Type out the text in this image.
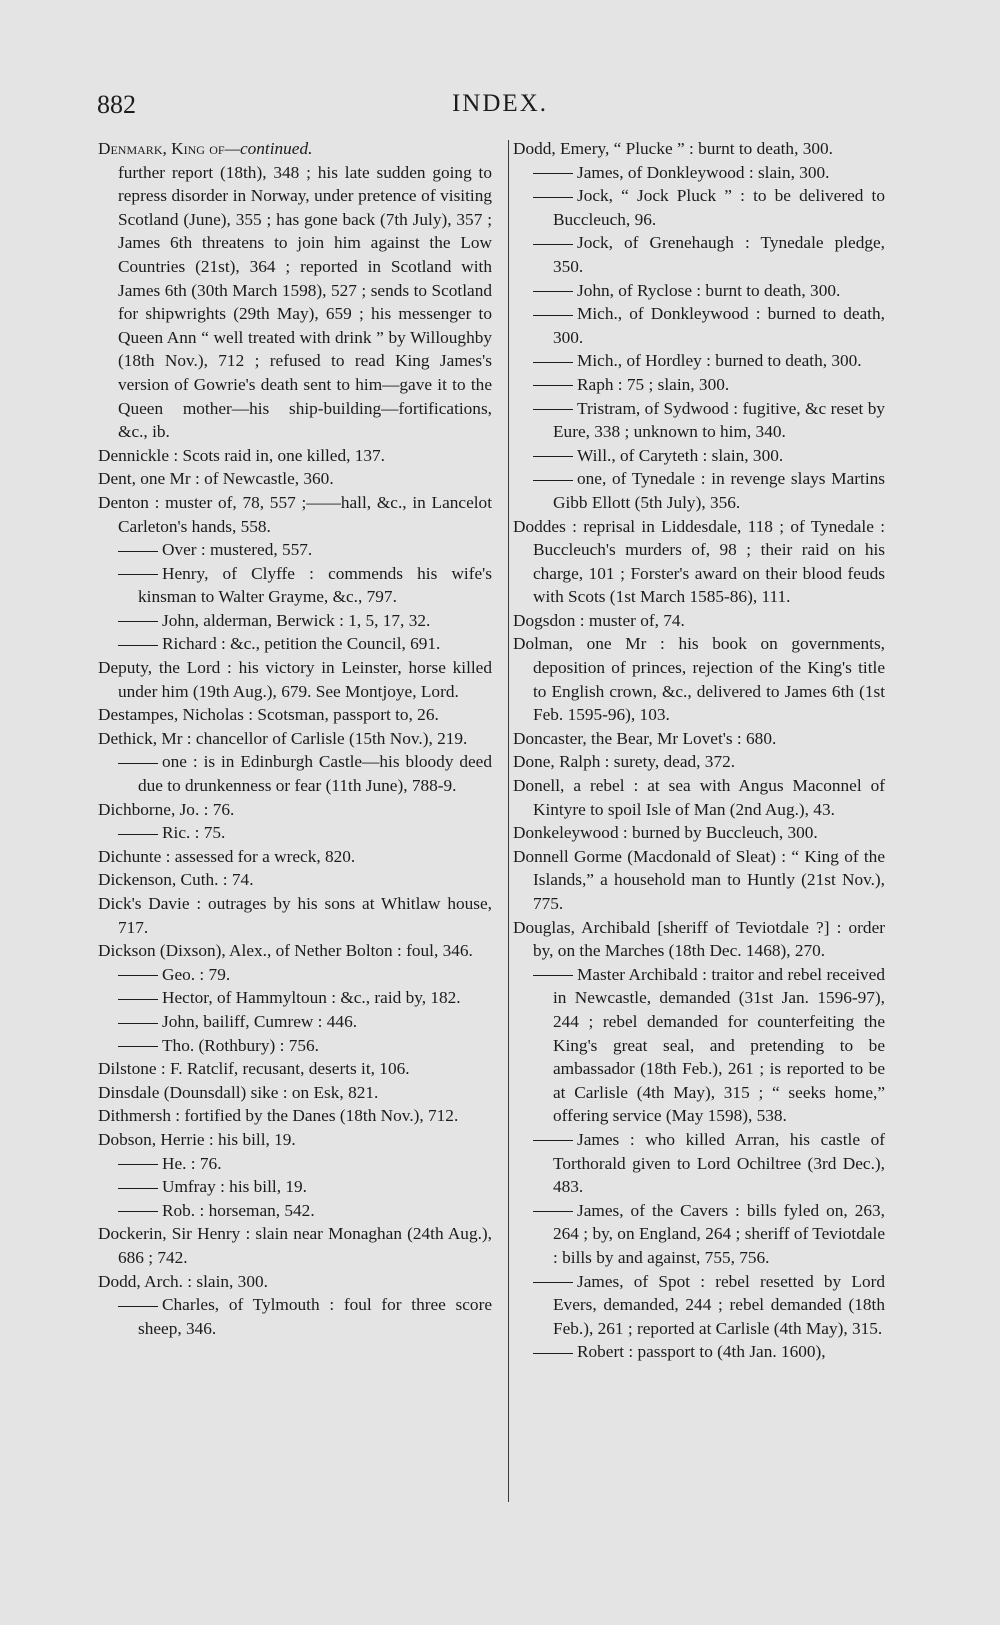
INDEX.
882
Denmark, King of—continued.
further report (18th), 348 ; his late sudden going to repress disorder in Norway, under pretence of visiting Scotland (June), 355 ; has gone back (7th July), 357 ; James 6th threatens to join him against the Low Countries (21st), 364 ; reported in Scotland with James 6th (30th March 1598), 527 ; sends to Scotland for shipwrights (29th May), 659 ; his messenger to Queen Ann “ well treated with drink ” by Willoughby (18th Nov.), 712 ; refused to read King James's version of Gowrie's death sent to him—gave it to the Queen mother—his ship-building—fortifications, &c., ib.
Dennickle : Scots raid in, one killed, 137.
Dent, one Mr : of Newcastle, 360.
Denton : muster of, 78, 557 ;——hall, &c., in Lancelot Carleton's hands, 558.
Over : mustered, 557.
Henry, of Clyffe : commends his wife's kinsman to Walter Grayme, &c., 797.
John, alderman, Berwick : 1, 5, 17, 32.
Richard : &c., petition the Council, 691.
Deputy, the Lord : his victory in Leinster, horse killed under him (19th Aug.), 679. See Montjoye, Lord.
Destampes, Nicholas : Scotsman, passport to, 26.
Dethick, Mr : chancellor of Carlisle (15th Nov.), 219.
one : is in Edinburgh Castle—his bloody deed due to drunkenness or fear (11th June), 788-9.
Dichborne, Jo. : 76.
Ric. : 75.
Dichunte : assessed for a wreck, 820.
Dickenson, Cuth. : 74.
Dick's Davie : outrages by his sons at Whitlaw house, 717.
Dickson (Dixson), Alex., of Nether Bolton : foul, 346.
Geo. : 79.
Hector, of Hammyltoun : &c., raid by, 182.
John, bailiff, Cumrew : 446.
Tho. (Rothbury) : 756.
Dilstone : F. Ratclif, recusant, deserts it, 106.
Dinsdale (Dounsdall) sike : on Esk, 821.
Dithmersh : fortified by the Danes (18th Nov.), 712.
Dobson, Herrie : his bill, 19.
He. : 76.
Umfray : his bill, 19.
Rob. : horseman, 542.
Dockerin, Sir Henry : slain near Monaghan (24th Aug.), 686 ; 742.
Dodd, Arch. : slain, 300.
Charles, of Tylmouth : foul for three score sheep, 346.
Dodd, Emery, “ Plucke ” : burnt to death, 300.
James, of Donkleywood : slain, 300.
Jock, “ Jock Pluck ” : to be delivered to Buccleuch, 96.
Jock, of Grenehaugh : Tynedale pledge, 350.
John, of Ryclose : burnt to death, 300.
Mich., of Donkleywood : burned to death, 300.
Mich., of Hordley : burned to death, 300.
Raph : 75 ; slain, 300.
Tristram, of Sydwood : fugitive, &c reset by Eure, 338 ; unknown to him, 340.
Will., of Caryteth : slain, 300.
one, of Tynedale : in revenge slays Martins Gibb Ellott (5th July), 356.
Doddes : reprisal in Liddesdale, 118 ; of Tynedale : Buccleuch's murders of, 98 ; their raid on his charge, 101 ; Forster's award on their blood feuds with Scots (1st March 1585-86), 111.
Dogsdon : muster of, 74.
Dolman, one Mr : his book on governments, deposition of princes, rejection of the King's title to English crown, &c., delivered to James 6th (1st Feb. 1595-96), 103.
Doncaster, the Bear, Mr Lovet's : 680.
Done, Ralph : surety, dead, 372.
Donell, a rebel : at sea with Angus Maconnel of Kintyre to spoil Isle of Man (2nd Aug.), 43.
Donkeleywood : burned by Buccleuch, 300.
Donnell Gorme (Macdonald of Sleat) : “ King of the Islands,” a household man to Huntly (21st Nov.), 775.
Douglas, Archibald [sheriff of Teviotdale ?] : order by, on the Marches (18th Dec. 1468), 270.
Master Archibald : traitor and rebel received in Newcastle, demanded (31st Jan. 1596-97), 244 ; rebel demanded for counterfeiting the King's great seal, and pretending to be ambassador (18th Feb.), 261 ; is reported to be at Carlisle (4th May), 315 ; “ seeks home,” offering service (May 1598), 538.
James : who killed Arran, his castle of Torthorald given to Lord Ochiltree (3rd Dec.), 483.
James, of the Cavers : bills fyled on, 263, 264 ; by, on England, 264 ; sheriff of Teviotdale : bills by and against, 755, 756.
James, of Spot : rebel resetted by Lord Evers, demanded, 244 ; rebel demanded (18th Feb.), 261 ; reported at Carlisle (4th May), 315.
Robert : passport to (4th Jan. 1600),
